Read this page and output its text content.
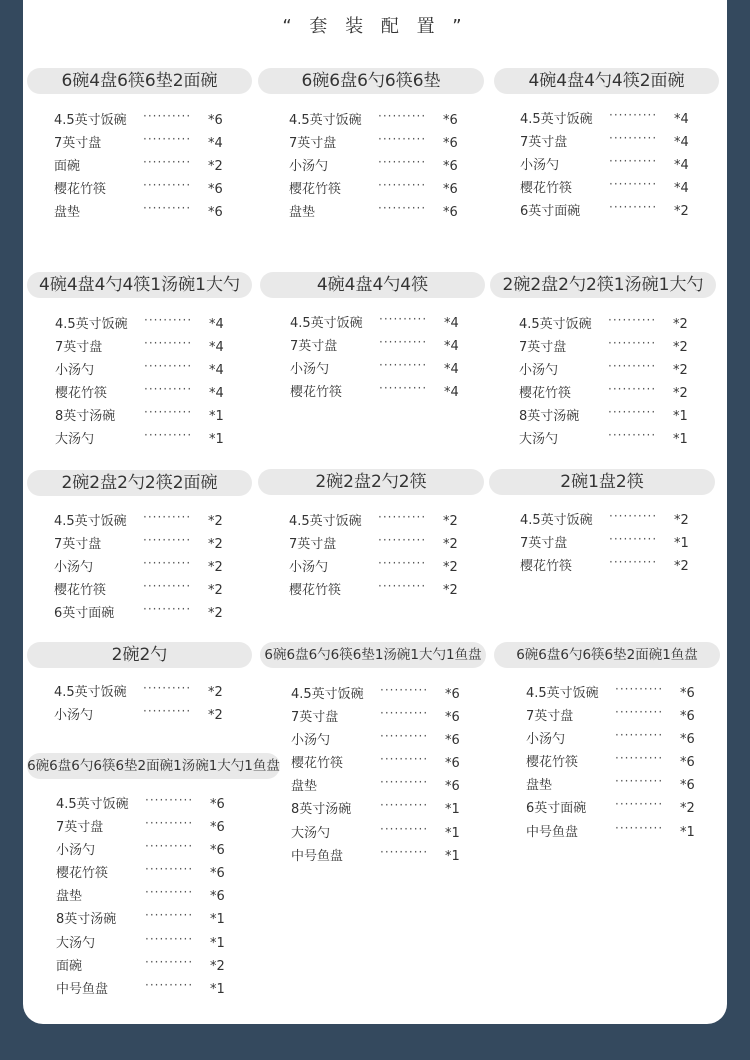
“ 套 装 配 置 ”
6碗4盘6筷6垫2面碗	6碗6盘6勺6筷6垫	4碗4盘4勺4筷2面碗
4碗4盘4勺4筷1汤碗1大勺	4碗4盘4勺4筷	2碗2盘2勺2筷1汤碗1大勺
2碗2盘2勺2筷2面碗	2碗2盘2勺2筷	2碗1盘2筷
2碗2勺	6碗6盘6勺6筷6垫1汤碗1大勺1鱼盘	6碗6盘6勺6筷6垫2面碗1鱼盘
6碗6盘6勺6筷6垫2面碗1汤碗1大勺1鱼盘
4.5英寸饭碗 ·········· *6
7英寸盘	·········· *4
面碗	·········· *2
樱花竹筷	·········· *6
盘垫	·········· *6
4.5英寸饭碗 ·········· *6
7英寸盘	·········· *6
小汤勺	·········· *6
樱花竹筷	·········· *6
盘垫	·········· *6
4.5英寸饭碗 ·········· *4
7英寸盘	·········· *4
小汤勺	·········· *4
樱花竹筷	·········· *4
6英寸面碗 ·········· *2
4.5英寸饭碗 ·········· *4
7英寸盘	·········· *4
小汤勺	·········· *4
樱花竹筷	·········· *4
8英寸汤碗 ·········· *1
大汤勺	·········· *1
4.5英寸饭碗 ·········· *4
7英寸盘	·········· *4
小汤勺	·········· *4
樱花竹筷	·········· *4
4.5英寸饭碗 ·········· *2
7英寸盘	·········· *2
小汤勺	·········· *2
樱花竹筷	·········· *2
8英寸汤碗 ·········· *1
大汤勺	·········· *1
4.5英寸饭碗 ·········· *2
7英寸盘	·········· *2
小汤勺	·········· *2
樱花竹筷	·········· *2
6英寸面碗 ·········· *2
4.5英寸饭碗 ·········· *2
7英寸盘	·········· *2
小汤勺	·········· *2
樱花竹筷	·········· *2
4.5英寸饭碗 ·········· *2
7英寸盘	·········· *1
樱花竹筷	·········· *2
4.5英寸饭碗 ·········· *2
小汤勺	·········· *2
4.5英寸饭碗 ·········· *6
7英寸盘	·········· *6
小汤勺	·········· *6
樱花竹筷	·········· *6
盘垫	·········· *6
8英寸汤碗 ·········· *1
大汤勺	·········· *1
中号鱼盘	·········· *1
4.5英寸饭碗 ·········· *6
7英寸盘	·········· *6
小汤勺	·········· *6
樱花竹筷	·········· *6
盘垫	·········· *6
6英寸面碗 ·········· *2
中号鱼盘	·········· *1
4.5英寸饭碗 ·········· *6
7英寸盘	·········· *6
小汤勺	·········· *6
樱花竹筷	·········· *6
盘垫	·········· *6
8英寸汤碗 ·········· *1
大汤勺	·········· *1
面碗	·········· *2
中号鱼盘	·········· *1
